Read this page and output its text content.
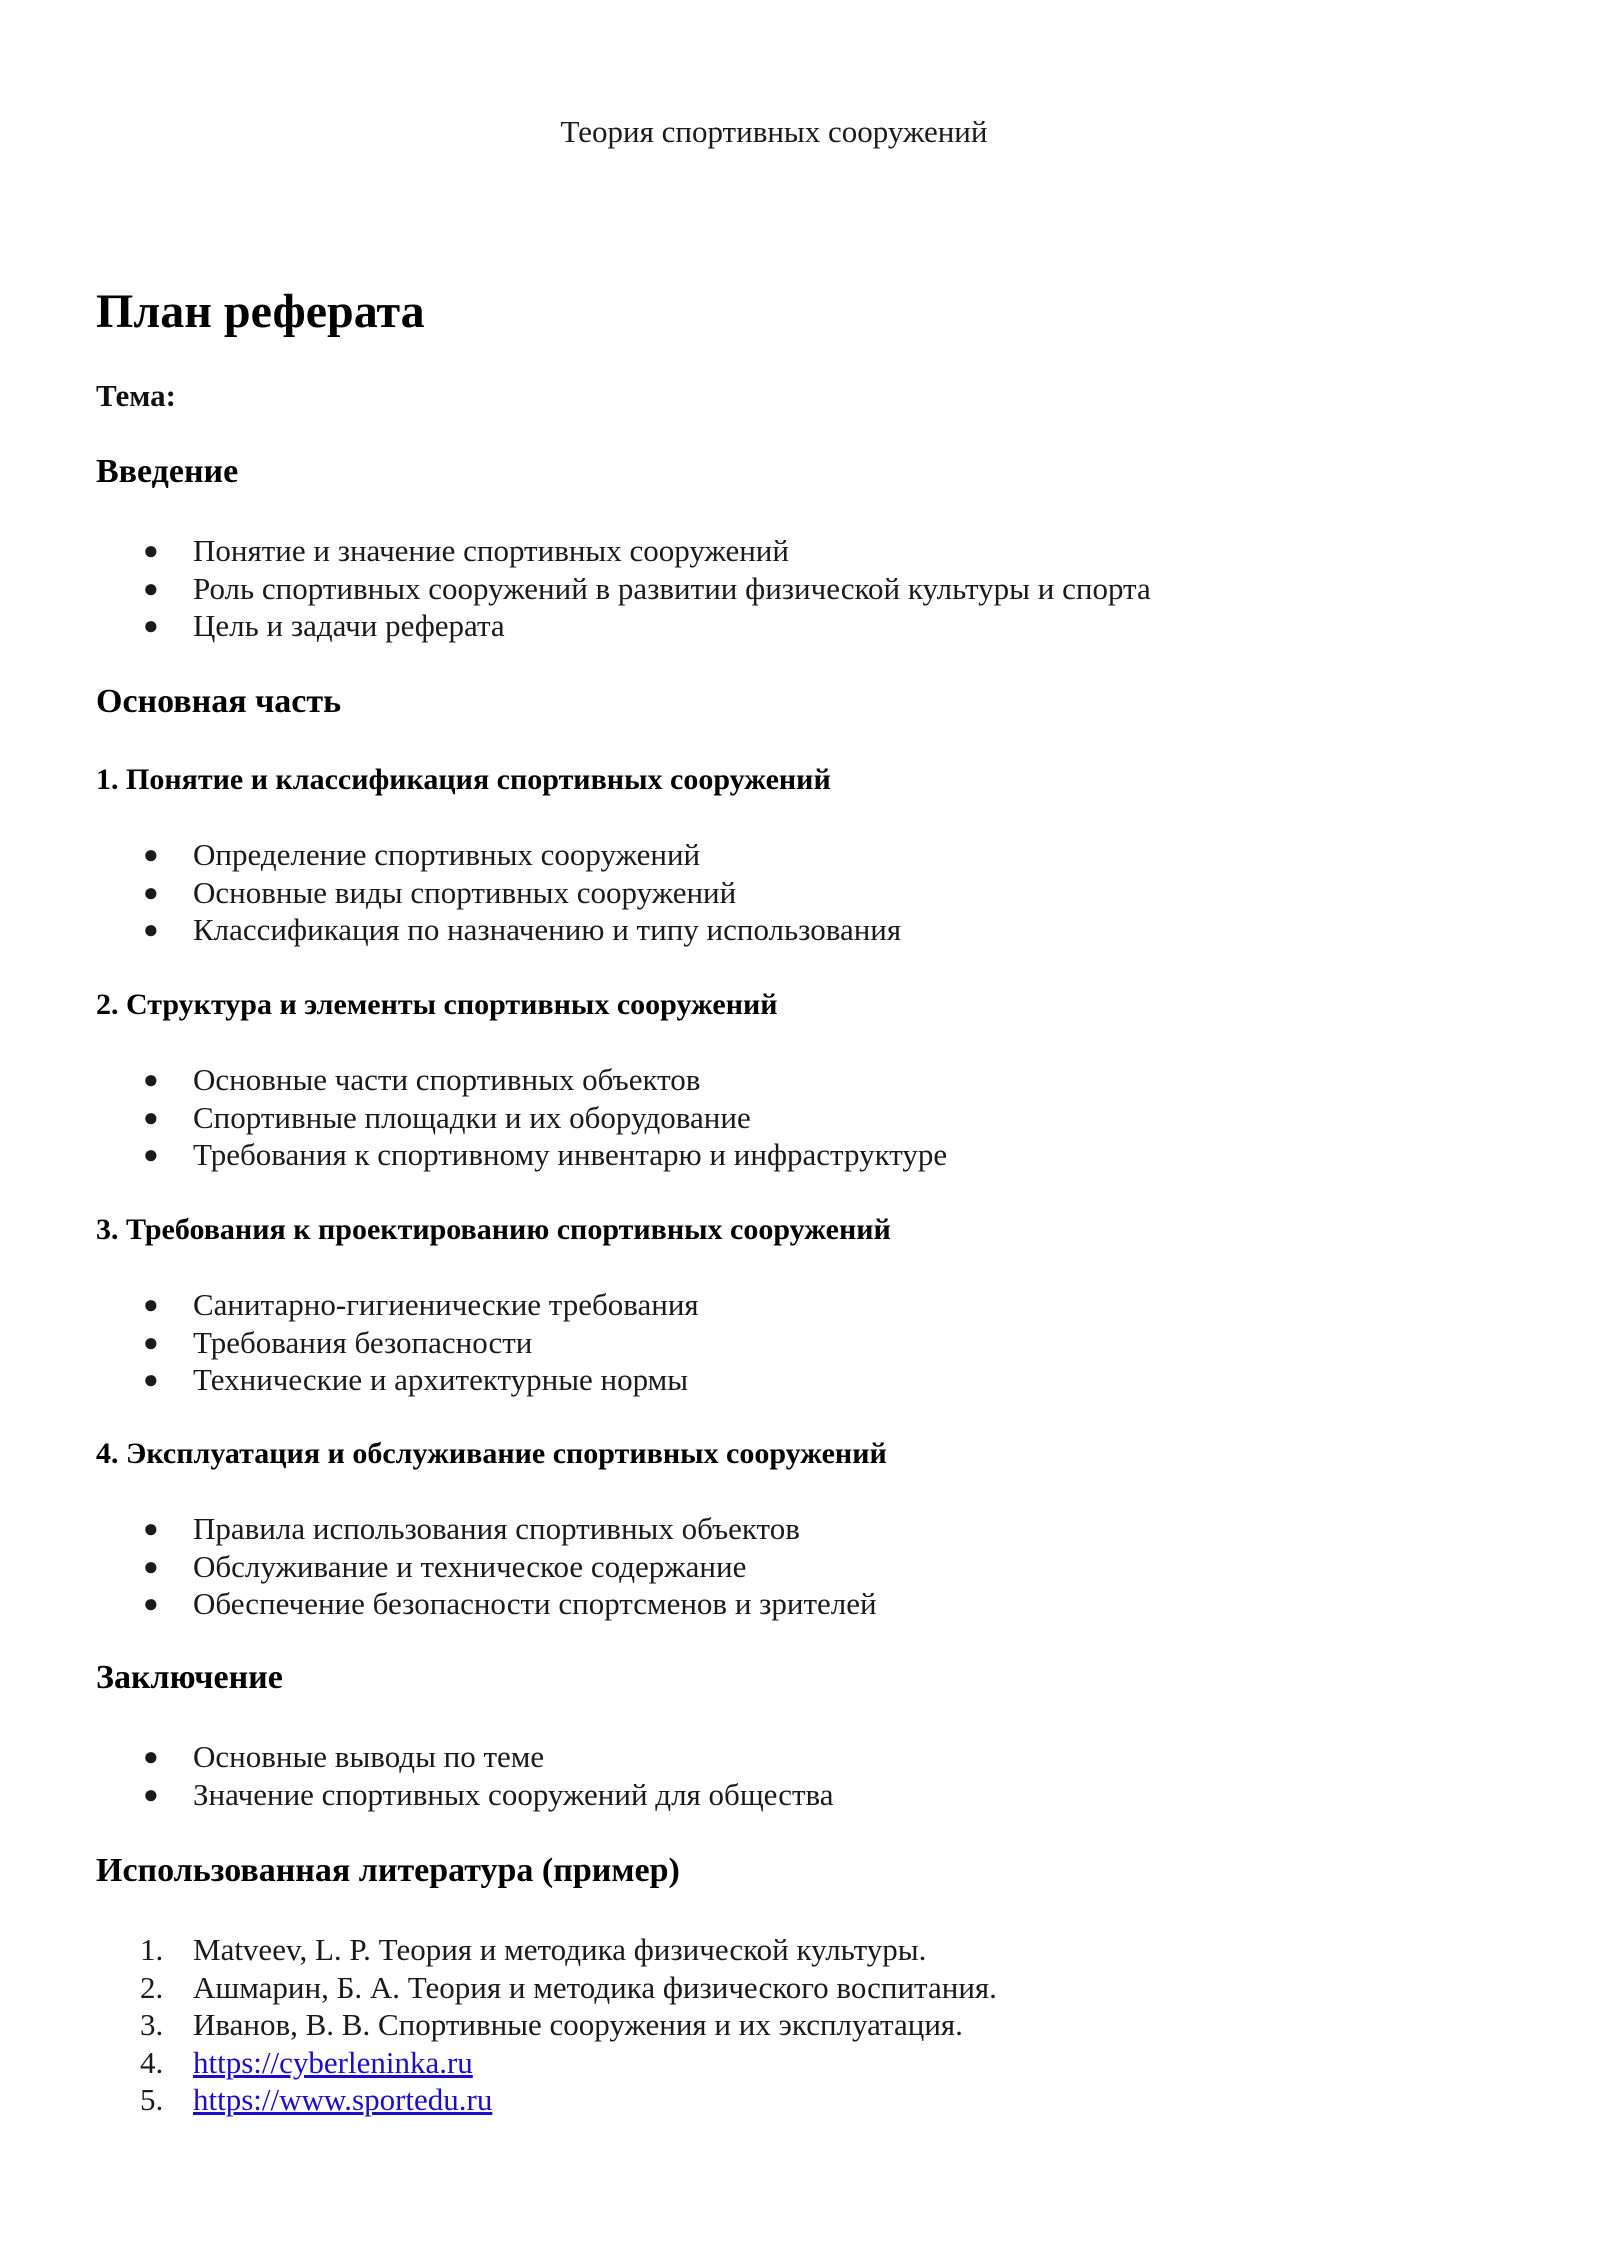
Теория спортивных сооружений
План реферата

Тема:

Введение
● Понятие и значение спортивных сооружений
● Роль спортивных сооружений в развитии физической культуры и спорта
● Цель и задачи реферата
Основная часть
1. Понятие и классификация спортивных сооружений
● Определение спортивных сооружений
● Основные виды спортивных сооружений
● Классификация по назначению и типу использования
2. Структура и элементы спортивных сооружений
● Основные части спортивных объектов
● Спортивные площадки и их оборудование
● Требования к спортивному инвентарю и инфраструктуре
3. Требования к проектированию спортивных сооружений
● Санитарно-гигиенические требования
● Требования безопасности
● Технические и архитектурные нормы
4. Эксплуатация и обслуживание спортивных сооружений
● Правила использования спортивных объектов
● Обслуживание и техническое содержание
● Обеспечение безопасности спортсменов и зрителей
Заключение
● Основные выводы по теме
● Значение спортивных сооружений для общества
Использованная литература (пример)
1. Matveev, L. P. Теория и методика физической культуры.
2. Ашмарин, Б. А. Теория и методика физического воспитания.
3. Иванов, В. В. Спортивные сооружения и их эксплуатация.
4. https://cyberleninka.ru
5. https://www.sportedu.ru
